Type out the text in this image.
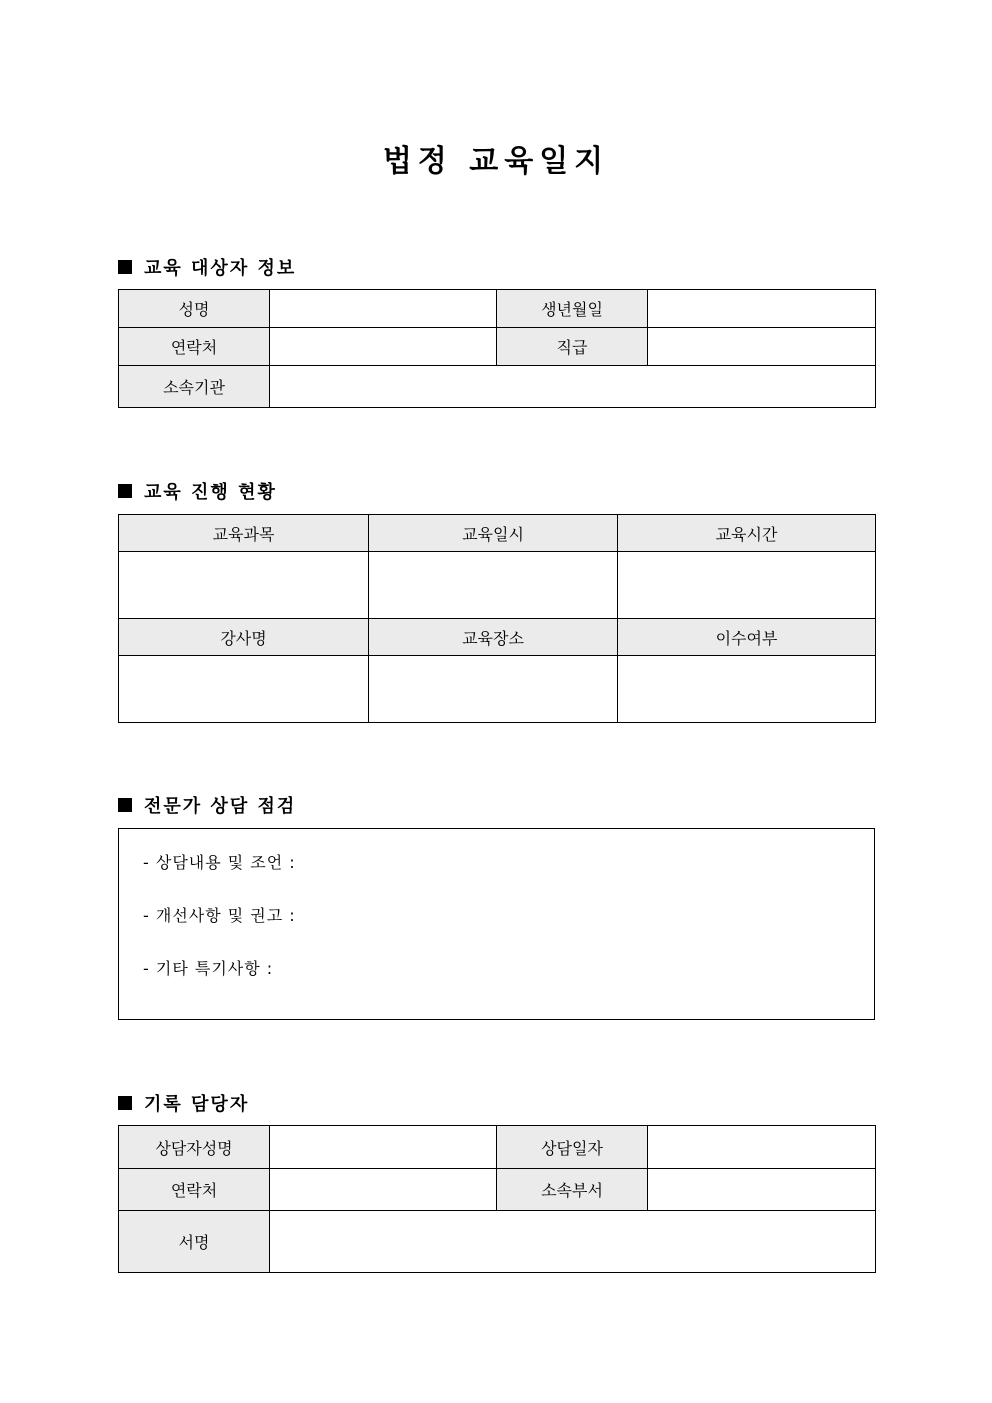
법정 교육일지
교육 대상자 정보
성명		생년월일	
연락처		직급	
소속기관			
교육 진행 현황
교육과목	교육일시	교육시간

강사명	교육장소	이수여부

전문가 상담 점검
- 상담내용 및 조언 :
- 개선사항 및 권고 :
- 기타 특기사항 :
기록 담당자
상담자성명		상담일자	
연락처		소속부서	
서명			
